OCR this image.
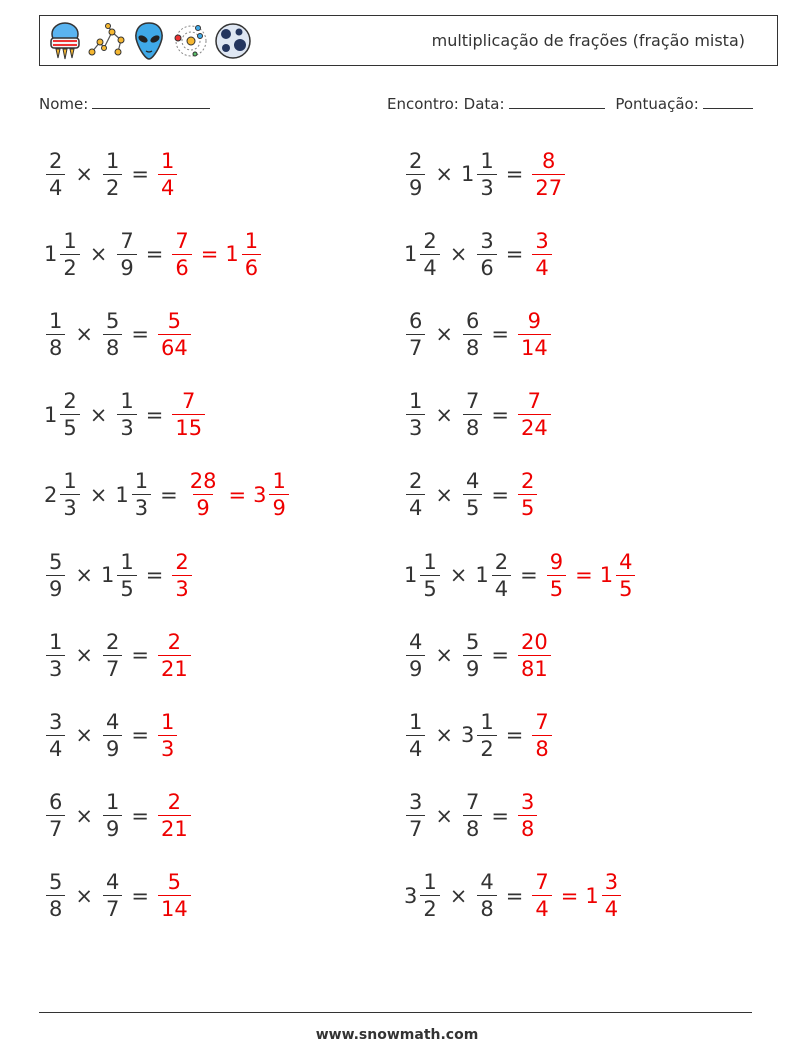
multiplicação de frações (fração mista)
Nome:	Encontro: Data:	Pontuação:
$\frac{2}{4} \times \frac{1}{2} = \frac{1}{4}$	$\frac{2}{9} \times 1 \frac{1}{3} = \frac{8}{27}$
$1 \frac{1}{2} \times \frac{7}{9} = \frac{7}{6} = 1 \frac{1}{6}$	$1 \frac{2}{4} \times \frac{3}{6} = \frac{3}{4}$
$\frac{1}{8} \times \frac{5}{8} = \frac{5}{64}$	$\frac{6}{7} \times \frac{6}{8} = \frac{9}{14}$
$1 \frac{2}{5} \times \frac{1}{3} = \frac{7}{15}$	$\frac{1}{3} \times \frac{7}{8} = \frac{7}{24}$
$2 \frac{1}{3} \times 1 \frac{1}{3} = \frac{28}{9} = 3 \frac{1}{9}$	$\frac{2}{4} \times \frac{4}{5} = \frac{2}{5}$
$\frac{5}{9} \times 1 \frac{1}{5} = \frac{2}{3}$	$1 \frac{1}{5} \times 1 \frac{2}{4} = \frac{9}{5} = 1 \frac{4}{5}$
$\frac{1}{3} \times \frac{2}{7} = \frac{2}{21}$	$\frac{4}{9} \times \frac{5}{9} = \frac{20}{81}$
$\frac{3}{4} \times \frac{4}{9} = \frac{1}{3}$	$\frac{1}{4} \times 3 \frac{1}{2} = \frac{7}{8}$
$\frac{6}{7} \times \frac{1}{9} = \frac{2}{21}$	$\frac{3}{7} \times \frac{7}{8} = \frac{3}{8}$
$\frac{5}{8} \times \frac{4}{7} = \frac{5}{14}$	$3 \frac{1}{2} \times \frac{4}{8} = \frac{7}{4} = 1 \frac{3}{4}$
www.snowmath.com
